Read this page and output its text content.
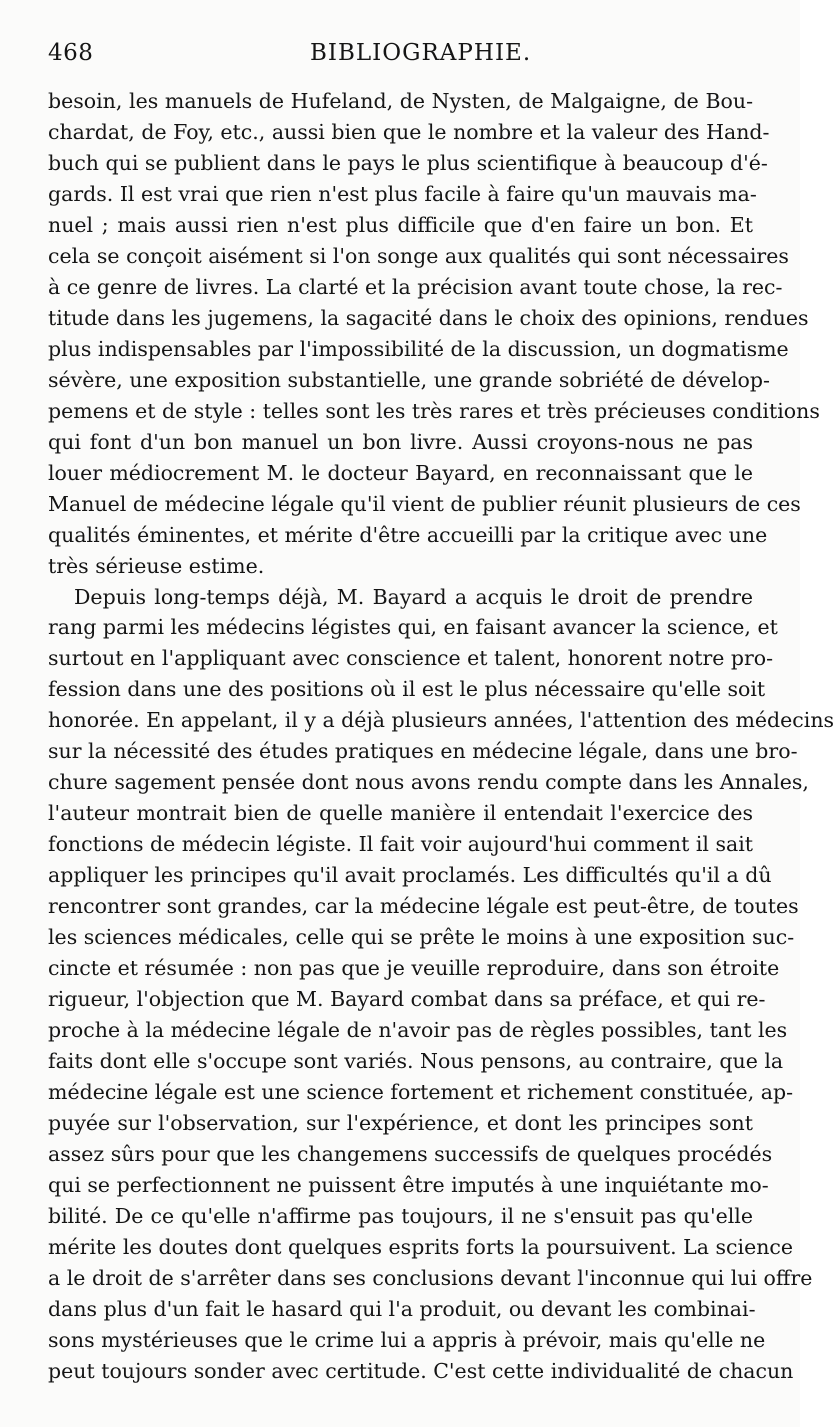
468	BIBLIOGRAPHIE.
besoin, les manuels de Hufeland, de Nysten, de Malgaigne, de Bou-
chardat, de Foy, etc., aussi bien que le nombre et la valeur des Hand-
buch qui se publient dans le pays le plus scientifique à beaucoup d'é-
gards. Il est vrai que rien n'est plus facile à faire qu'un mauvais ma-
nuel ; mais aussi rien n'est plus difficile que d'en faire un bon. Et
cela se conçoit aisément si l'on songe aux qualités qui sont nécessaires
à ce genre de livres. La clarté et la précision avant toute chose, la rec-
titude dans les jugemens, la sagacité dans le choix des opinions, rendues
plus indispensables par l'impossibilité de la discussion, un dogmatisme
sévère, une exposition substantielle, une grande sobriété de dévelop-
pemens et de style : telles sont les très rares et très précieuses conditions
qui font d'un bon manuel un bon livre. Aussi croyons-nous ne pas
louer médiocrement M. le docteur Bayard, en reconnaissant que le
Manuel de médecine légale qu'il vient de publier réunit plusieurs de ces
qualités éminentes, et mérite d'être accueilli par la critique avec une
très sérieuse estime.
Depuis long-temps déjà, M. Bayard a acquis le droit de prendre
rang parmi les médecins légistes qui, en faisant avancer la science, et
surtout en l'appliquant avec conscience et talent, honorent notre pro-
fession dans une des positions où il est le plus nécessaire qu'elle soit
honorée. En appelant, il y a déjà plusieurs années, l'attention des médecins
sur la nécessité des études pratiques en médecine légale, dans une bro-
chure sagement pensée dont nous avons rendu compte dans les Annales,
l'auteur montrait bien de quelle manière il entendait l'exercice des
fonctions de médecin légiste. Il fait voir aujourd'hui comment il sait
appliquer les principes qu'il avait proclamés. Les difficultés qu'il a dû
rencontrer sont grandes, car la médecine légale est peut-être, de toutes
les sciences médicales, celle qui se prête le moins à une exposition suc-
cincte et résumée : non pas que je veuille reproduire, dans son étroite
rigueur, l'objection que M. Bayard combat dans sa préface, et qui re-
proche à la médecine légale de n'avoir pas de règles possibles, tant les
faits dont elle s'occupe sont variés. Nous pensons, au contraire, que la
médecine légale est une science fortement et richement constituée, ap-
puyée sur l'observation, sur l'expérience, et dont les principes sont
assez sûrs pour que les changemens successifs de quelques procédés
qui se perfectionnent ne puissent être imputés à une inquiétante mo-
bilité. De ce qu'elle n'affirme pas toujours, il ne s'ensuit pas qu'elle
mérite les doutes dont quelques esprits forts la poursuivent. La science
a le droit de s'arrêter dans ses conclusions devant l'inconnue qui lui offre
dans plus d'un fait le hasard qui l'a produit, ou devant les combinai-
sons mystérieuses que le crime lui a appris à prévoir, mais qu'elle ne
peut toujours sonder avec certitude. C'est cette individualité de chacun
